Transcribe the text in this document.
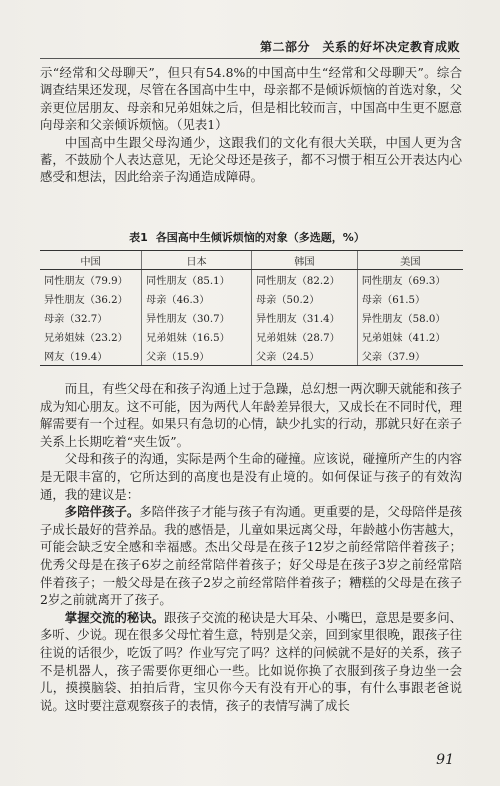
第二部分　关系的好坏决定教育成败

示“经常和父母聊天”，但只有54.8%的中国高中生“经常和父母聊天”。综合调查结果还发现，尽管在各国高中生中，母亲都不是倾诉烦恼的首选对象，父亲更位居朋友、母亲和兄弟姐妹之后，但是相比较而言，中国高中生更不愿意向母亲和父亲倾诉烦恼。（见表1）

中国高中生跟父母沟通少，这跟我们的文化有很大关联，中国人更为含蓄，不鼓励个人表达意见，无论父母还是孩子，都不习惯于相互公开表达内心感受和想法，因此给亲子沟通造成障碍。

表1 各国高中生倾诉烦恼的对象（多选题，%）
中国	日本	韩国	美国
同性朋友（79.9）	同性朋友（85.1）	同性朋友（82.2）	同性朋友（69.3）
异性朋友（36.2）	母亲（46.3）	母亲（50.2）	母亲（61.5）
母亲（32.7）	异性朋友（30.7）	异性朋友（31.4）	异性朋友（58.0）
兄弟姐妹（23.2）	兄弟姐妹（16.5）	兄弟姐妹（28.7）	兄弟姐妹（41.2）
网友（19.4）	父亲（15.9）	父亲（24.5）	父亲（37.9）

而且，有些父母在和孩子沟通上过于急躁，总幻想一两次聊天就能和孩子成为知心朋友。这不可能，因为两代人年龄差异很大，又成长在不同时代，理解需要有一个过程。如果只有急切的心情，缺少扎实的行动，那就只好在亲子关系上长期吃着“夹生饭”。

父母和孩子的沟通，实际是两个生命的碰撞。应该说，碰撞所产生的内容是无限丰富的，它所达到的高度也是没有止境的。如何保证与孩子的有效沟通，我的建议是：

多陪伴孩子。多陪伴孩子才能与孩子有沟通。更重要的是，父母陪伴是孩子成长最好的营养品。我的感悟是，儿童如果远离父母，年龄越小伤害越大，可能会缺乏安全感和幸福感。杰出父母是在孩子12岁之前经常陪伴着孩子；优秀父母是在孩子6岁之前经常陪伴着孩子；好父母是在孩子3岁之前经常陪伴着孩子；一般父母是在孩子2岁之前经常陪伴着孩子；糟糕的父母是在孩子2岁之前就离开了孩子。

掌握交流的秘诀。跟孩子交流的秘诀是大耳朵、小嘴巴，意思是要多问、多听、少说。现在很多父母忙着生意，特别是父亲，回到家里很晚，跟孩子往往说的话很少，吃饭了吗？作业写完了吗？这样的问候就不是好的关系，孩子不是机器人，孩子需要你更细心一些。比如说你换了衣服到孩子身边坐一会儿，摸摸脑袋、拍拍后背，宝贝你今天有没有开心的事，有什么事跟老爸说说。这时要注意观察孩子的表情，孩子的表情写满了成长

91
